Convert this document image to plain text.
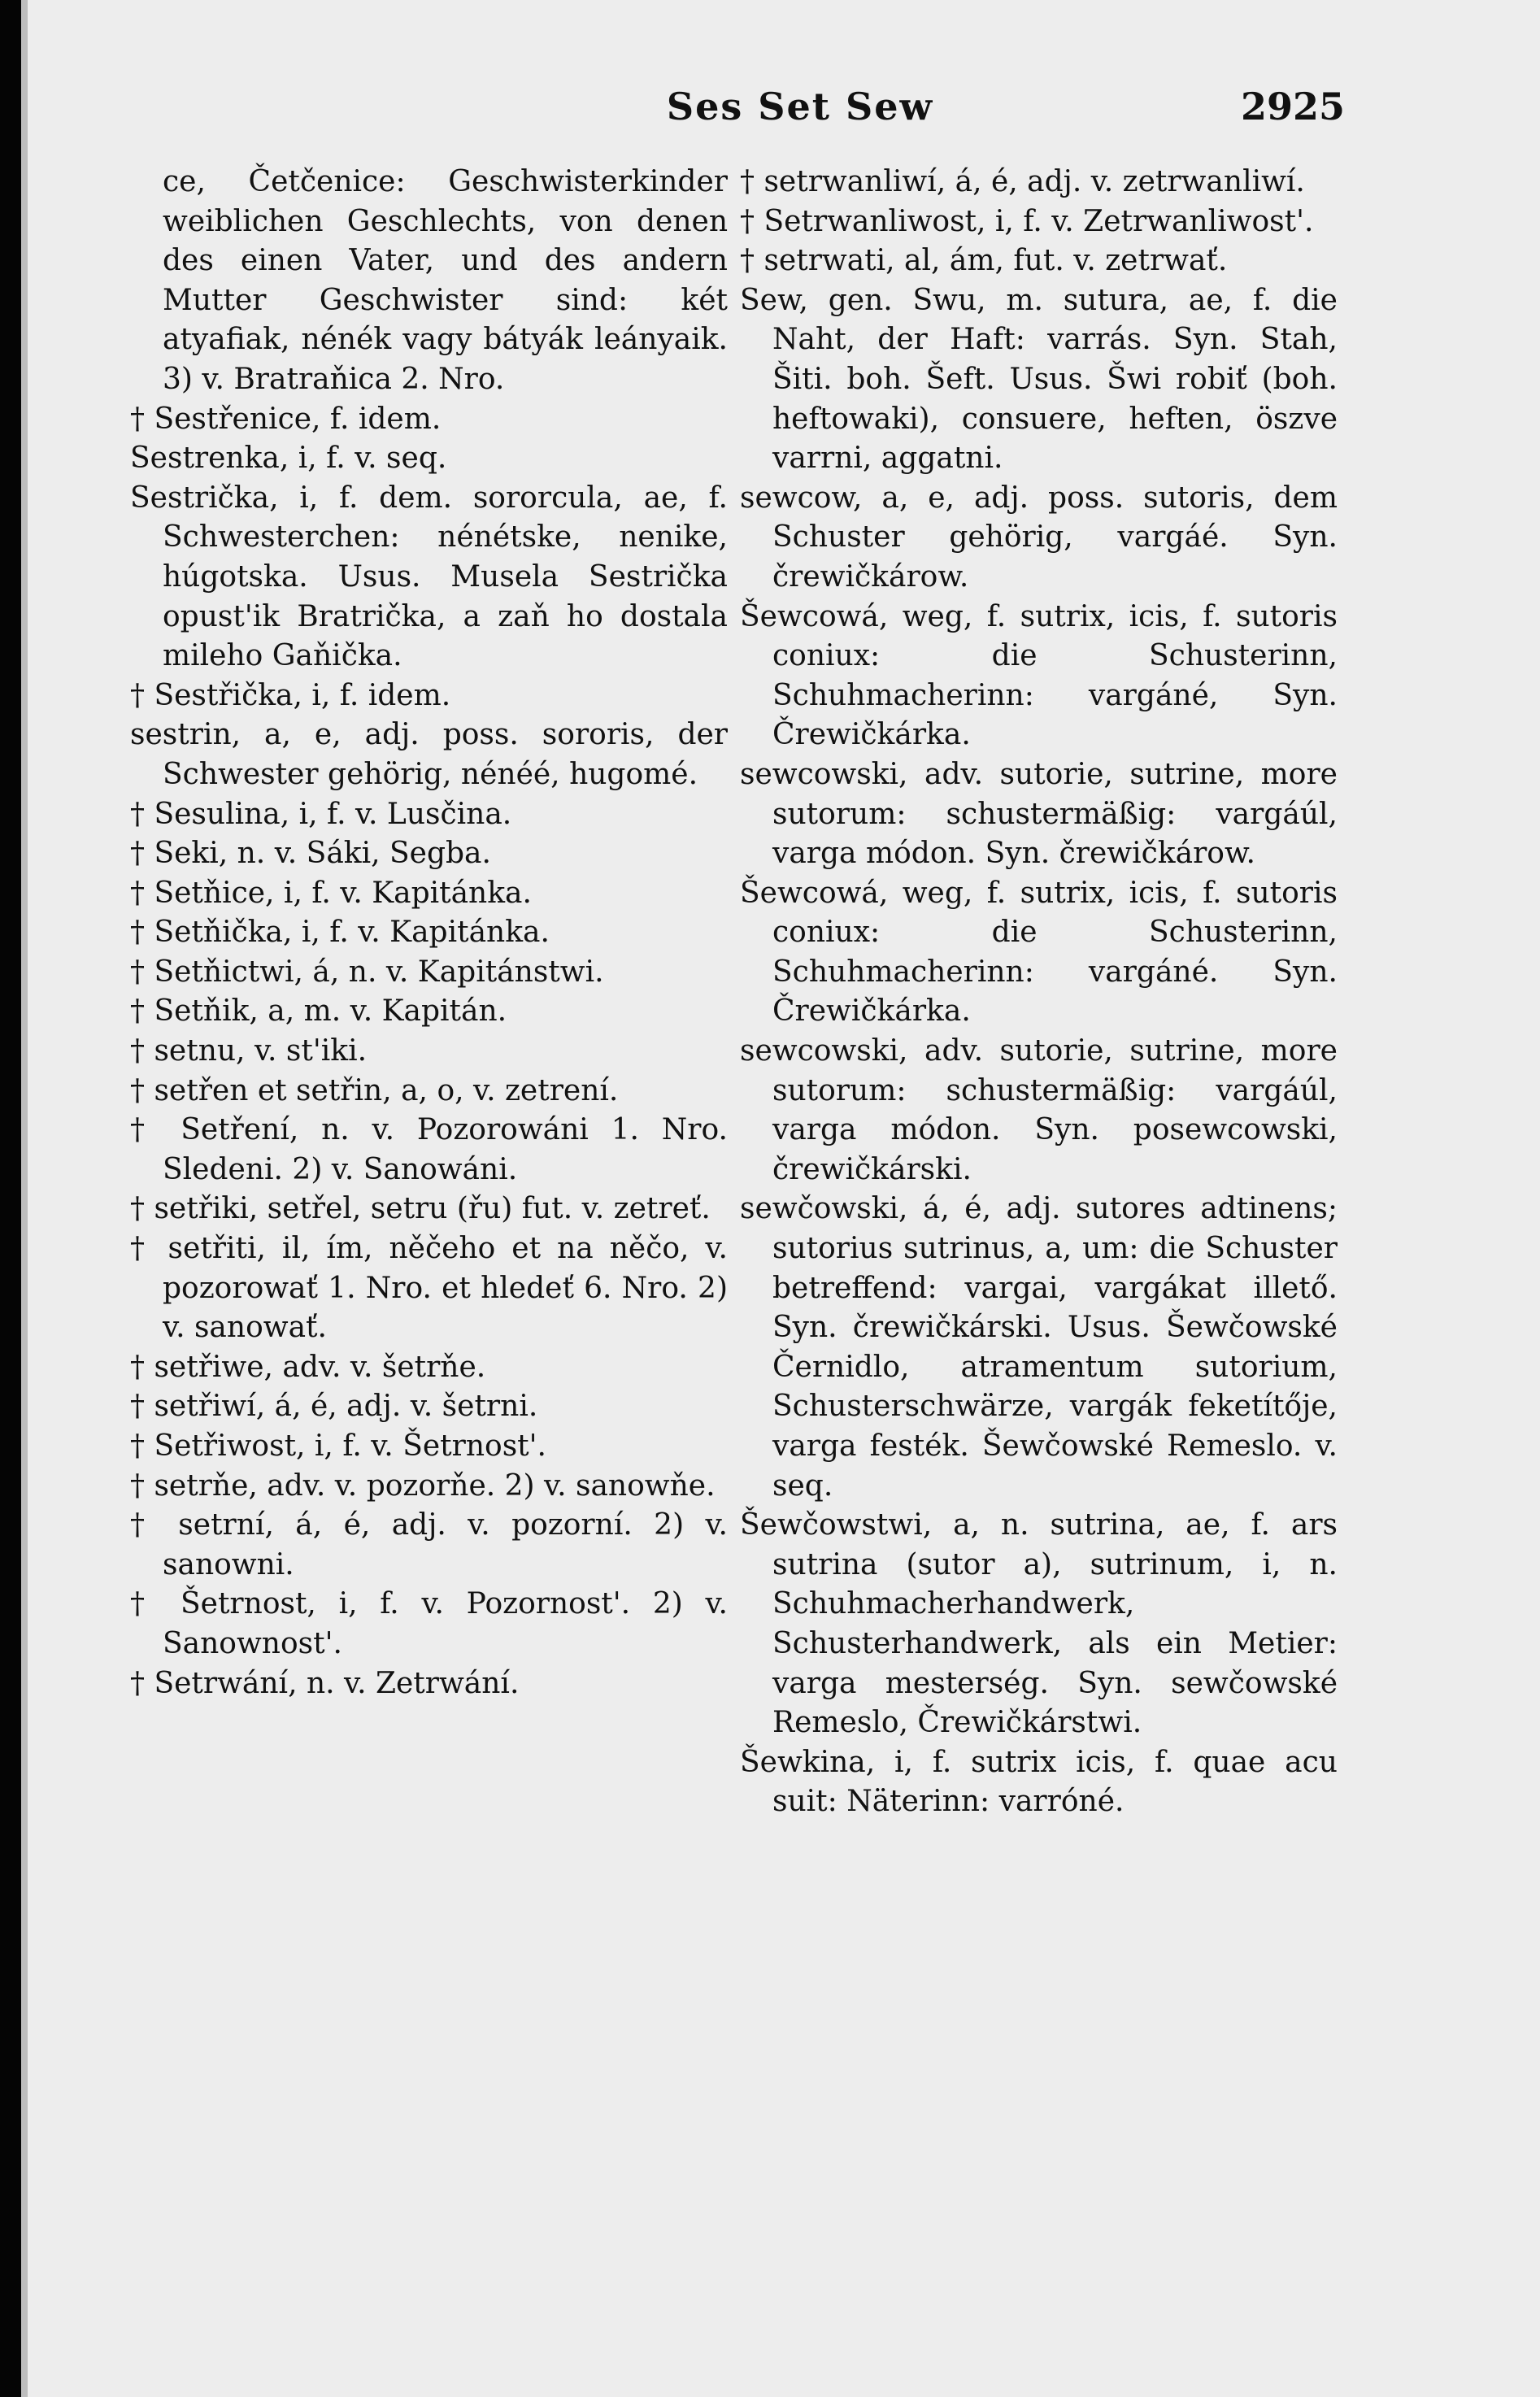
Ses Set Sew	2925

ce, Četčenice: Geschwisterkinder weiblichen Geschlechts, von denen des einen Vater, und des andern Mutter Geschwister sind: két atyafiak, nénék vagy bátyák leányaik. 3) v. Bratraňica 2. Nro.

† Sestřenice, f. idem.

Sestrenka, i, f. v. seq.

Sestrička, i, f. dem. sororcula, ae, f. Schwesterchen: nénétske, nenike, húgotska. Usus. Musela Sestrička opust'ik Bratrička, a zaň ho dostala mileho Gaňička.

† Sestřička, i, f. idem.

sestrin, a, e, adj. poss. sororis, der Schwester gehörig, nénéé, hugomé.

† Sesulina, i, f. v. Lusčina.

† Seki, n. v. Sáki, Segba.

† Setňice, i, f. v. Kapitánka.

† Setňička, i, f. v. Kapitánka.

† Setňictwi, á, n. v. Kapitánstwi.

† Setňik, a, m. v. Kapitán.

† setnu, v. st'iki.

† setřen et setřin, a, o, v. zetrení.

† Setření, n. v. Pozorowáni 1. Nro. Sledeni. 2) v. Sanowáni.

† setřiki, setřel, setru (řu) fut. v. zetreť.

† setřiti, il, ím, něčeho et na něčo, v. pozorowať 1. Nro. et hledeť 6. Nro. 2) v. sanowať.

† setřiwe, adv. v. šetrňe.

† setřiwí, á, é, adj. v. šetrni.

† Setřiwost, i, f. v. Šetrnost'.

† setrňe, adv. v. pozorňe. 2) v. sanowňe.

† setrní, á, é, adj. v. pozorní. 2) v. sanowni.

† Šetrnost, i, f. v. Pozornost'. 2) v. Sanownost'.

† Setrwání, n. v. Zetrwání.

† setrwanliwí, á, é, adj. v. zetrwanliwí.

† Setrwanliwost, i, f. v. Zetrwanliwost'.

† setrwati, al, ám, fut. v. zetrwať.

Sew, gen. Swu, m. sutura, ae, f. die Naht, der Haft: varrás. Syn. Stah, Šiti. boh. Šeft. Usus. Šwi robiť (boh. heftowaki), consuere, heften, öszve varrni, aggatni.

sewcow, a, e, adj. poss. sutoris, dem Schuster gehörig, vargáé. Syn. črewičkárow.

Šewcowá, weg, f. sutrix, icis, f. sutoris coniux: die Schusterinn, Schuhmacherinn: vargáné, Syn. Črewičkárka.

sewcowski, adv. sutorie, sutrine, more sutorum: schustermäßig: vargáúl, varga módon. Syn. črewičkárow.

Šewcowá, weg, f. sutrix, icis, f. sutoris coniux: die Schusterinn, Schuhmacherinn: vargáné. Syn. Črewičkárka.

sewcowski, adv. sutorie, sutrine, more sutorum: schustermäßig: vargáúl, varga módon. Syn. posewcowski, črewičkárski.

sewčowski, á, é, adj. sutores adtinens; sutorius sutrinus, a, um: die Schuster betreffend: vargai, vargákat illető. Syn. črewičkárski. Usus. Šewčowské Černidlo, atramentum sutorium, Schusterschwärze, vargák feketítője, varga festék. Šewčowské Remeslo. v. seq.

Šewčowstwi, a, n. sutrina, ae, f. ars sutrina (sutor a), sutrinum, i, n. Schuhmacherhandwerk, Schusterhandwerk, als ein Metier: varga mesterség. Syn. sewčowské Remeslo, Črewičkárstwi.

Šewkina, i, f. sutrix icis, f. quae acu suit: Näterinn: varróné.
